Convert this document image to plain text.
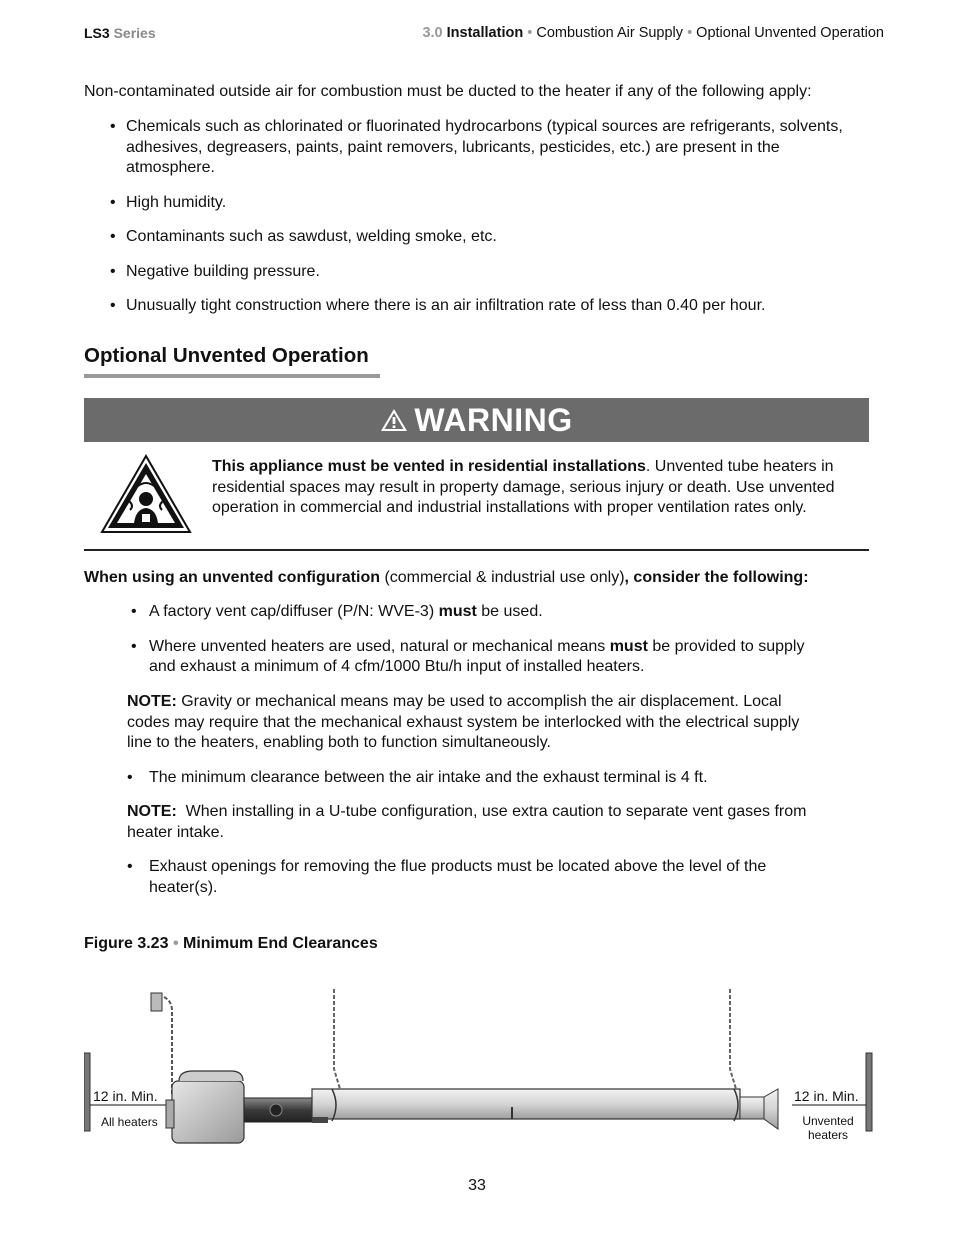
LS3 Series	3.0 Installation • Combustion Air Supply • Optional Unvented Operation

Non-contaminated outside air for combustion must be ducted to the heater if any of the following apply:

• Chemicals such as chlorinated or fluorinated hydrocarbons (typical sources are refrigerants, solvents, adhesives, degreasers, paints, paint removers, lubricants, pesticides, etc.) are present in the atmosphere.
• High humidity.
• Contaminants such as sawdust, welding smoke, etc.
• Negative building pressure.
• Unusually tight construction where there is an air infiltration rate of less than 0.40 per hour.
Optional Unvented Operation
WARNING

This appliance must be vented in residential installations. Unvented tube heaters in residential spaces may result in property damage, serious injury or death. Use unvented operation in commercial and industrial installations with proper ventilation rates only.

When using an unvented configuration (commercial & industrial use only), consider the following:

• A factory vent cap/diffuser (P/N: WVE-3) must be used.
• Where unvented heaters are used, natural or mechanical means must be provided to supply and exhaust a minimum of 4 cfm/1000 Btu/h input of installed heaters.

NOTE: Gravity or mechanical means may be used to accomplish the air displacement. Local codes may require that the mechanical exhaust system be interlocked with the electrical supply line to the heaters, enabling both to function simultaneously.

• The minimum clearance between the air intake and the exhaust terminal is 4 ft.

NOTE:  When installing in a U-tube configuration, use extra caution to separate vent gases from heater intake.

• Exhaust openings for removing the flue products must be located above the level of the heater(s).
Figure 3.23 • Minimum End Clearances
12 in. Min.
All heaters
12 in. Min.
Unvented
heaters
33
